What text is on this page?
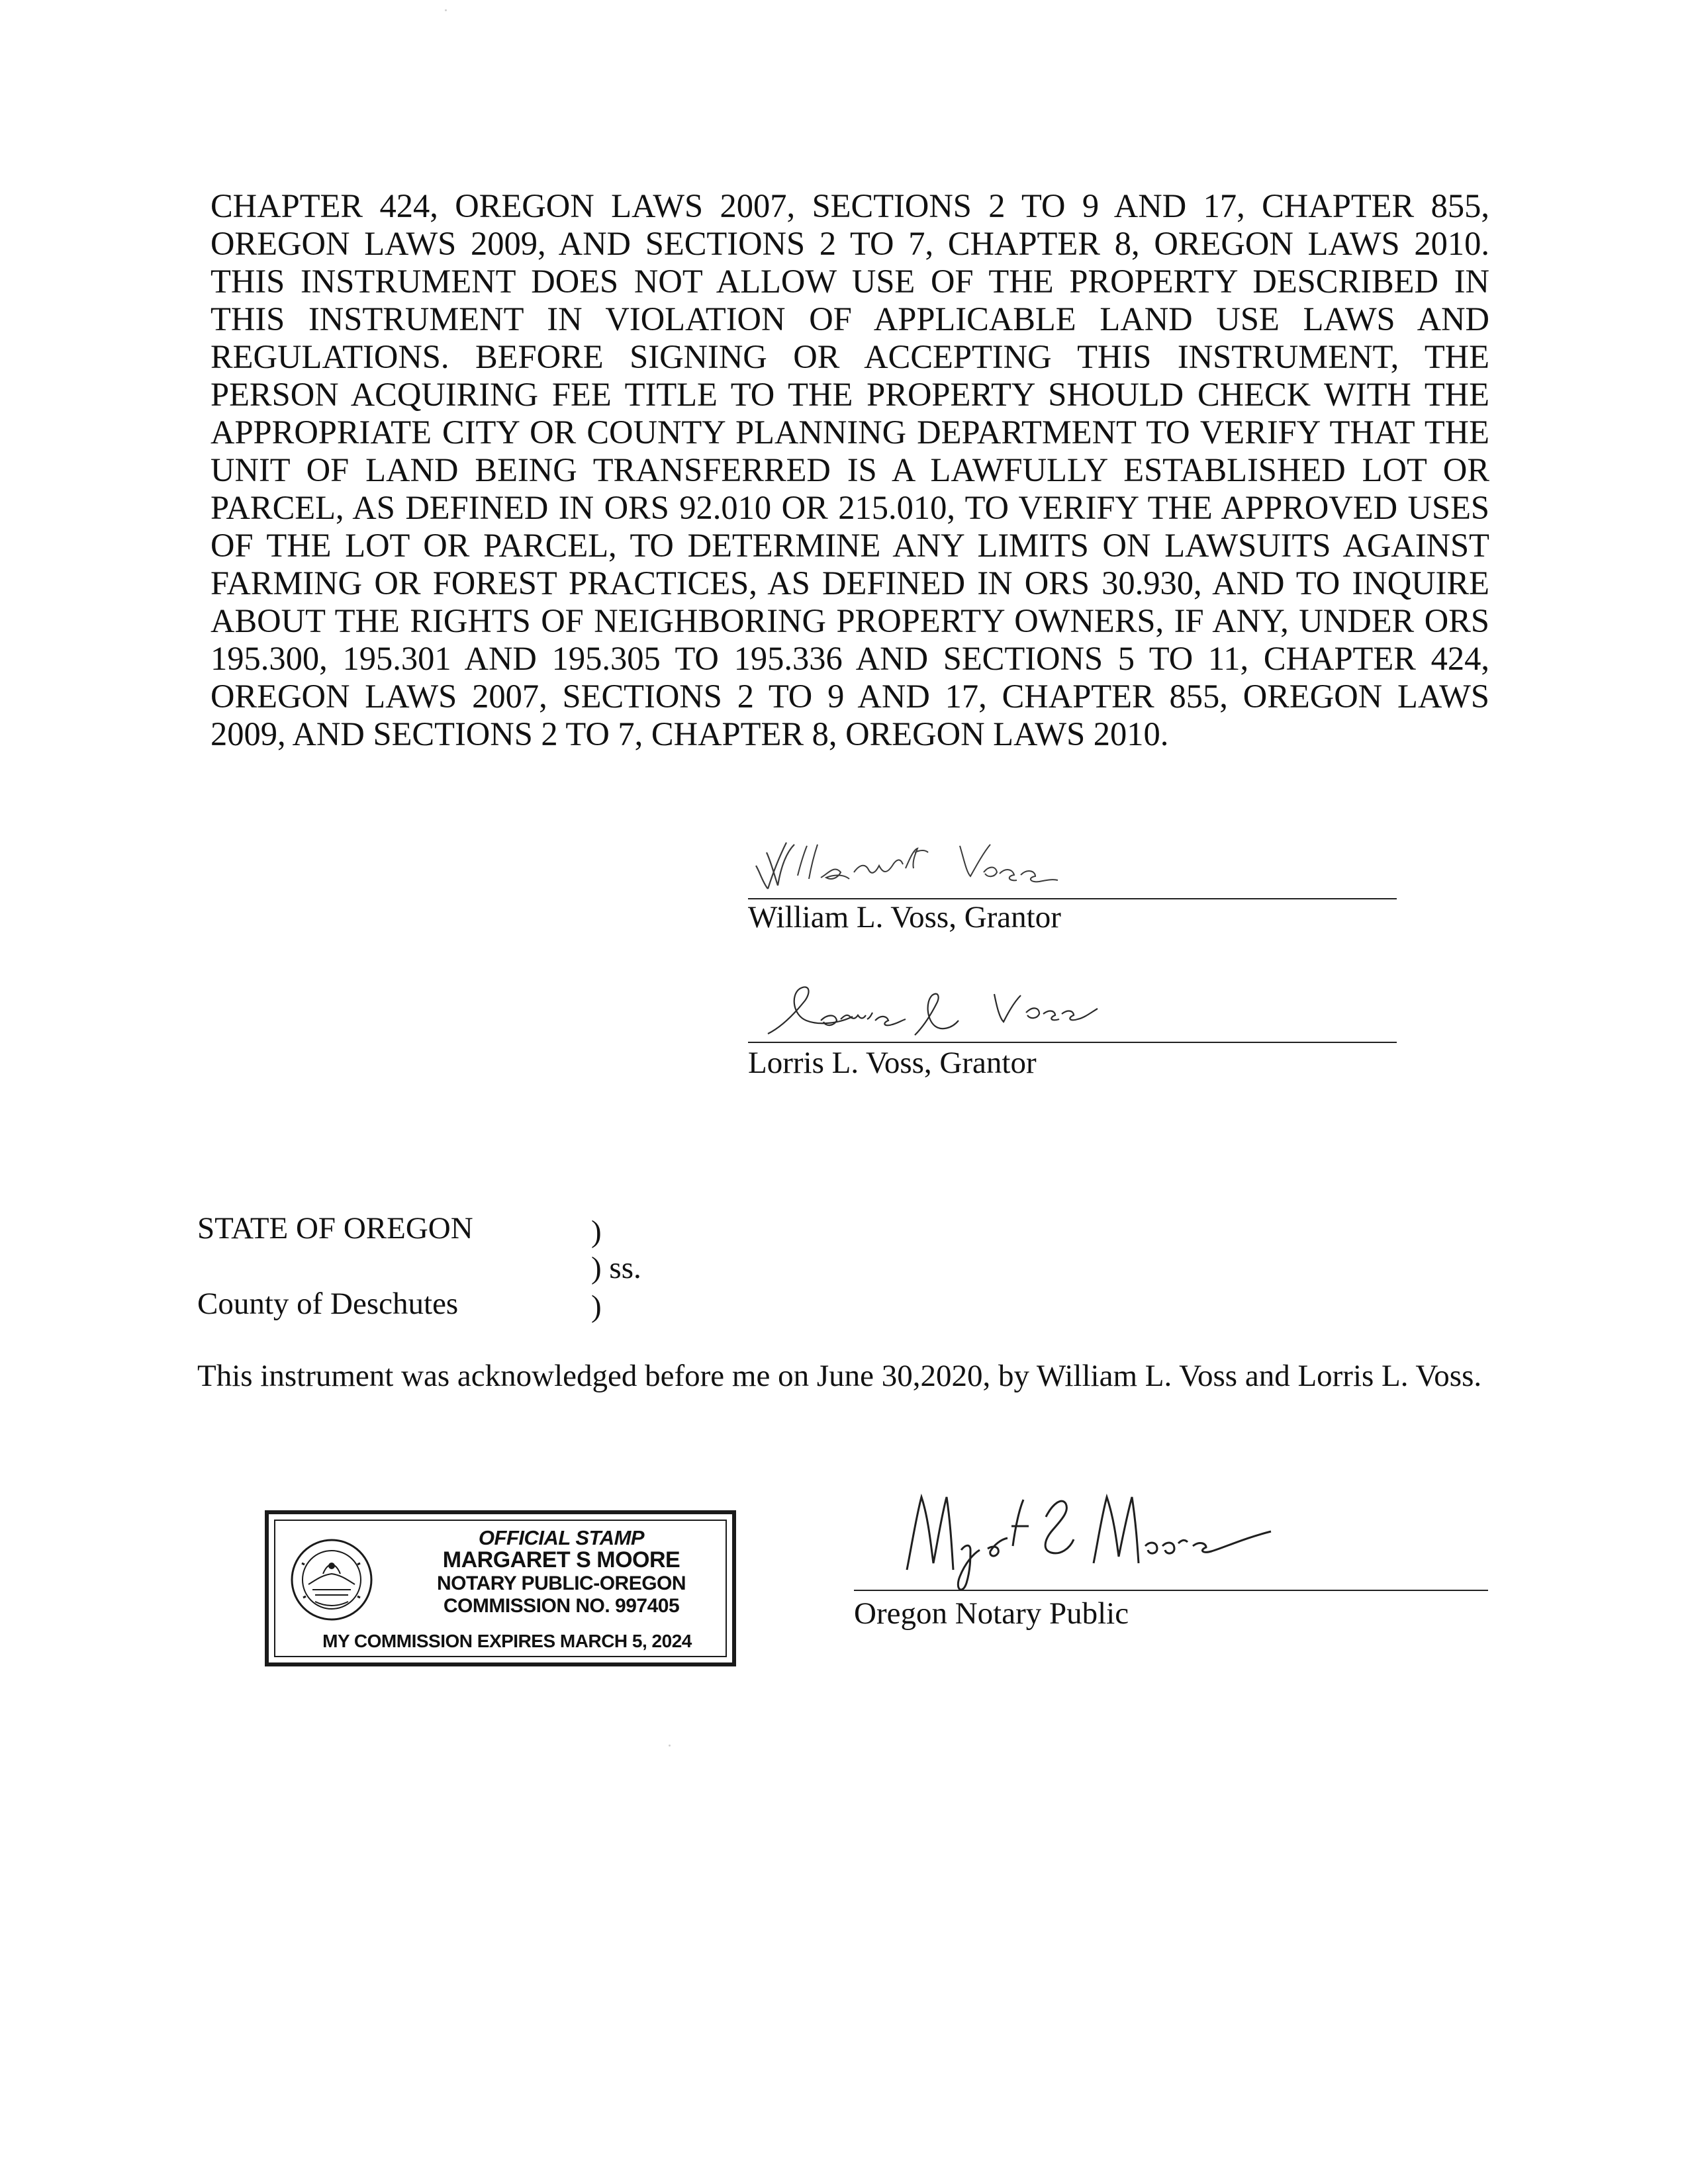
CHAPTER 424, OREGON LAWS 2007, SECTIONS 2 TO 9 AND 17, CHAPTER 855, OREGON LAWS 2009, AND SECTIONS 2 TO 7, CHAPTER 8, OREGON LAWS 2010. THIS INSTRUMENT DOES NOT ALLOW USE OF THE PROPERTY DESCRIBED IN THIS INSTRUMENT IN VIOLATION OF APPLICABLE LAND USE LAWS AND REGULATIONS. BEFORE SIGNING OR ACCEPTING THIS INSTRUMENT, THE PERSON ACQUIRING FEE TITLE TO THE PROPERTY SHOULD CHECK WITH THE APPROPRIATE CITY OR COUNTY PLANNING DEPARTMENT TO VERIFY THAT THE UNIT OF LAND BEING TRANSFERRED IS A LAWFULLY ESTABLISHED LOT OR PARCEL, AS DEFINED IN ORS 92.010 OR 215.010, TO VERIFY THE APPROVED USES OF THE LOT OR PARCEL, TO DETERMINE ANY LIMITS ON LAWSUITS AGAINST FARMING OR FOREST PRACTICES, AS DEFINED IN ORS 30.930, AND TO INQUIRE ABOUT THE RIGHTS OF NEIGHBORING PROPERTY OWNERS, IF ANY, UNDER ORS 195.300, 195.301 AND 195.305 TO 195.336 AND SECTIONS 5 TO 11, CHAPTER 424, OREGON LAWS 2007, SECTIONS 2 TO 9 AND 17, CHAPTER 855, OREGON LAWS 2009, AND SECTIONS 2 TO 7, CHAPTER 8, OREGON LAWS 2010.

William L. Voss, Grantor
Lorris L. Voss, Grantor
STATE OF OREGON	)
) ss.
County of Deschutes	)

This instrument was acknowledged before me on June 30,2020, by William L. Voss and Lorris L. Voss.

OFFICIAL STAMP
MARGARET S MOORE
NOTARY PUBLIC-OREGON
COMMISSION NO. 997405
MY COMMISSION EXPIRES MARCH 5, 2024
Oregon Notary Public
